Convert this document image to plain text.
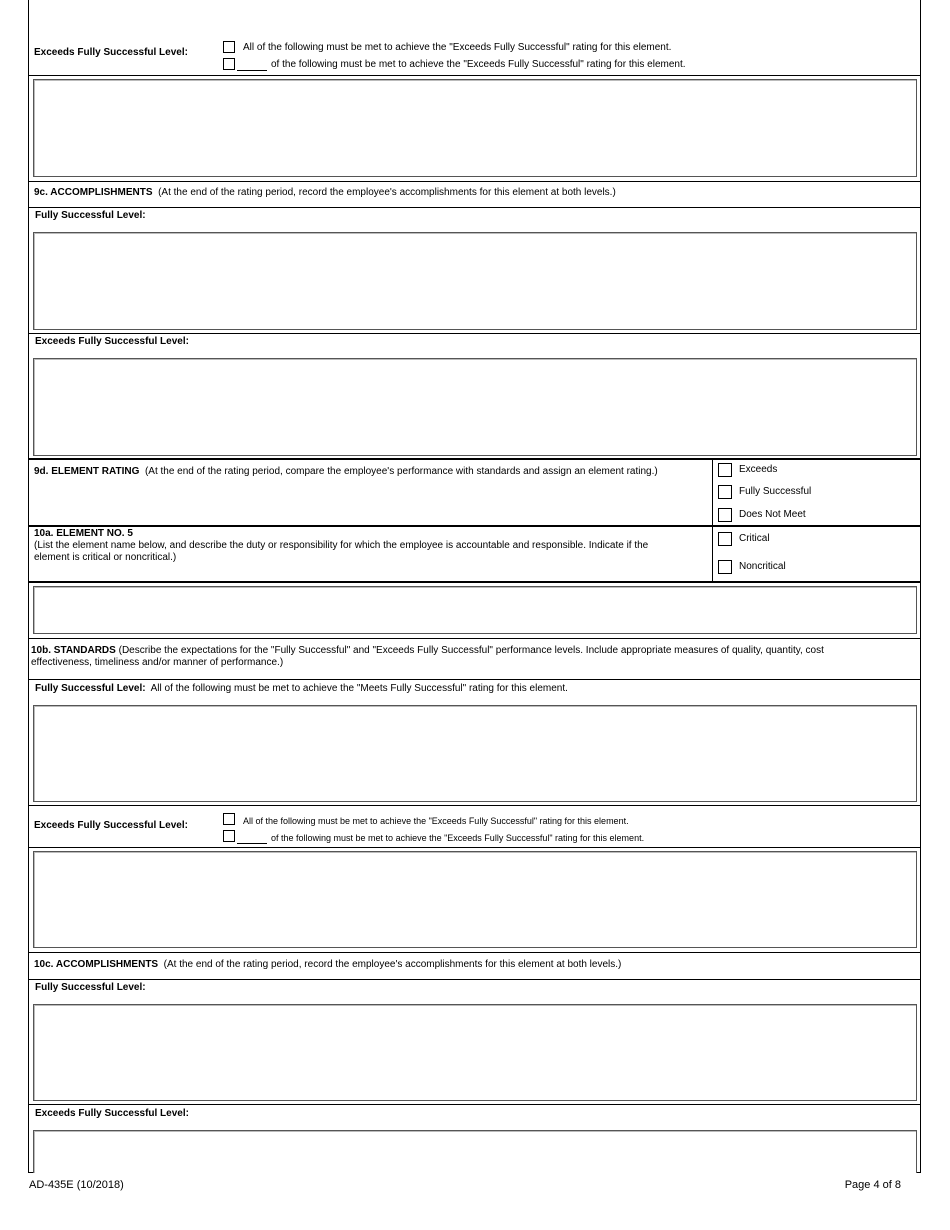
Exceeds Fully Successful Level:	All of the following must be met to achieve the "Exceeds Fully Successful" rating for this element.
of the following must be met to achieve the "Exceeds Fully Successful" rating for this element.
9c. ACCOMPLISHMENTS (At the end of the rating period, record the employee's accomplishments for this element at both levels.)
Fully Successful Level:
Exceeds Fully Successful Level:
9d. ELEMENT RATING (At the end of the rating period, compare the employee's performance with standards and assign an element rating.)	Exceeds
Fully Successful
Does Not Meet
10a. ELEMENT NO. 5
(List the element name below, and describe the duty or responsibility for which the employee is accountable and responsible. Indicate if the
element is critical or noncritical.)
Critical
Noncritical
10b. STANDARDS (Describe the expectations for the "Fully Successful" and "Exceeds Fully Successful" performance levels. Include appropriate measures of quality, quantity, cost
effectiveness, timeliness and/or manner of performance.)
Fully Successful Level: All of the following must be met to achieve the "Meets Fully Successful" rating for this element.
Exceeds Fully Successful Level:	All of the following must be met to achieve the "Exceeds Fully Successful" rating for this element.
of the following must be met to achieve the "Exceeds Fully Successful" rating for this element.
10c. ACCOMPLISHMENTS (At the end of the rating period, record the employee's accomplishments for this element at both levels.)
Fully Successful Level:
Exceeds Fully Successful Level:
AD-435E (10/2018)	Page 4 of 8
